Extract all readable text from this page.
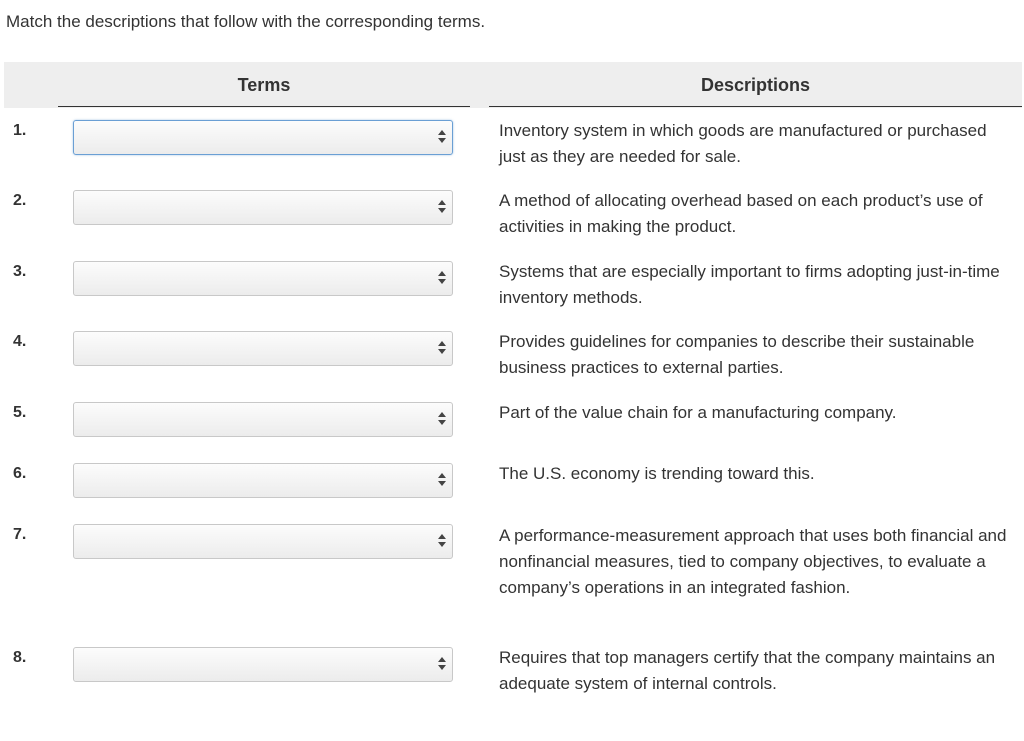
Match the descriptions that follow with the corresponding terms.
Terms	Descriptions
1.	Inventory system in which goods are manufactured or purchased just as they are needed for sale.
2.	A method of allocating overhead based on each product’s use of activities in making the product.
3.	Systems that are especially important to firms adopting just-in-time inventory methods.
4.	Provides guidelines for companies to describe their sustainable business practices to external parties.
5.	Part of the value chain for a manufacturing company.
6.	The U.S. economy is trending toward this.
7.	A performance-measurement approach that uses both financial and nonfinancial measures, tied to company objectives, to evaluate a company’s operations in an integrated fashion.
8.	Requires that top managers certify that the company maintains an adequate system of internal controls.
